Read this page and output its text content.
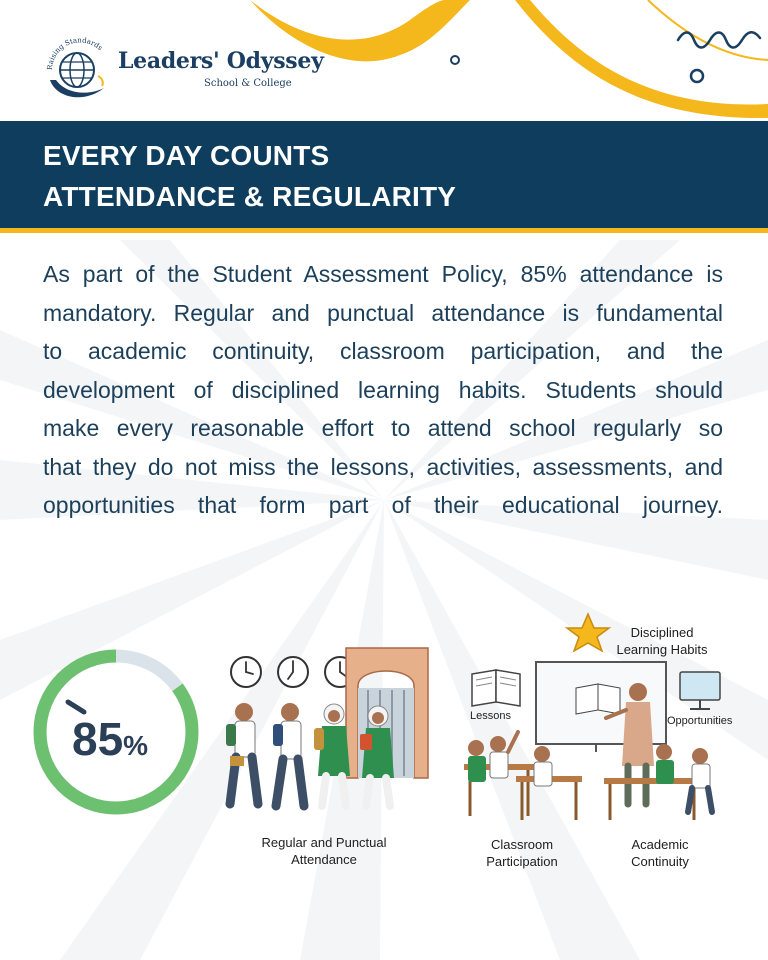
Raising Standards
Leaders' Odyssey
School & College
EVERY DAY COUNTS
ATTENDANCE & REGULARITY
As part of the Student Assessment Policy, 85% attendance is
mandatory. Regular and punctual attendance is fundamental
to academic continuity, classroom participation, and the
development of disciplined learning habits. Students should
make every reasonable effort to attend school regularly so
that they do not miss the lessons, activities, assessments, and
opportunities that form part of their educational journey.
85%
Regular and Punctual
Attendance
Disciplined
Learning Habits
Lessons	Opportunities
Classroom
Participation
Academic
Continuity
